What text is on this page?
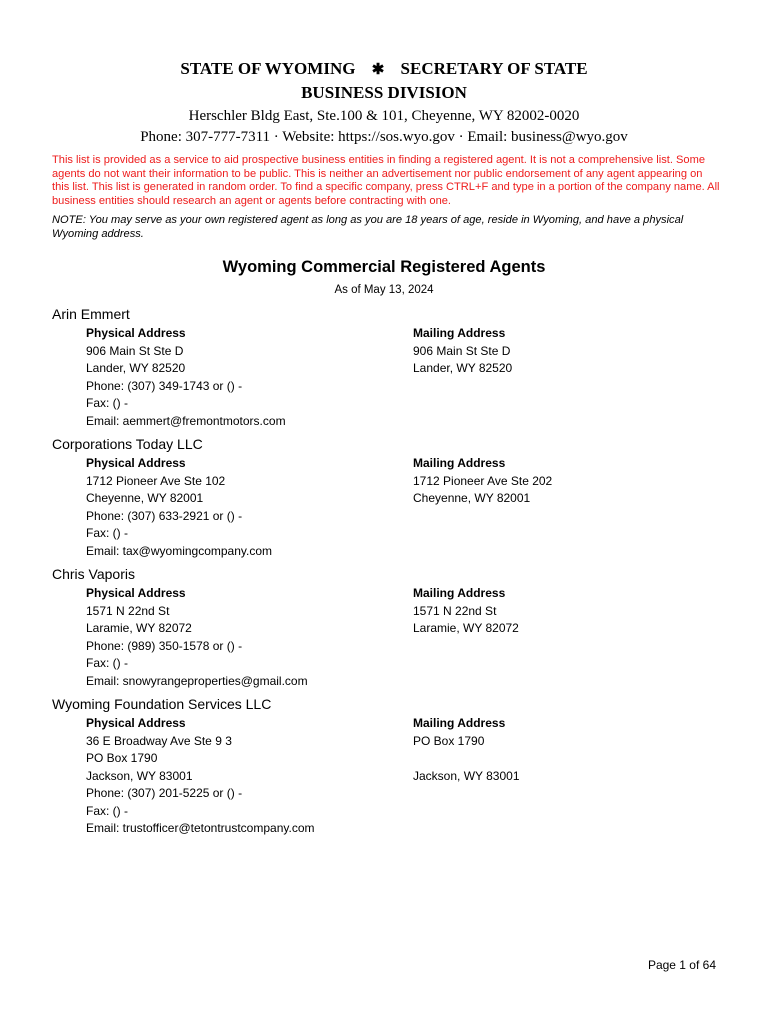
STATE OF WYOMING ✱ SECRETARY OF STATE
BUSINESS DIVISION
Herschler Bldg East, Ste.100 & 101, Cheyenne, WY 82002-0020
Phone: 307-777-7311 · Website: https://sos.wyo.gov · Email: business@wyo.gov
This list is provided as a service to aid prospective business entities in finding a registered agent. It is not a comprehensive list. Some agents do not want their information to be public. This is neither an advertisement nor public endorsement of any agent appearing on this list. This list is generated in random order. To find a specific company, press CTRL+F and type in a portion of the company name. All business entities should research an agent or agents before contracting with one.
NOTE: You may serve as your own registered agent as long as you are 18 years of age, reside in Wyoming, and have a physical Wyoming address.
Wyoming Commercial Registered Agents
As of May 13, 2024
Arin Emmert
Physical Address
906 Main St Ste D
Lander, WY 82520
Phone: (307) 349-1743 or () -
Fax: () -
Email: aemmert@fremontmotors.com
Mailing Address
906 Main St Ste D
Lander, WY 82520
Corporations Today LLC
Physical Address
1712 Pioneer Ave Ste 102
Cheyenne, WY 82001
Phone: (307) 633-2921 or () -
Fax: () -
Email: tax@wyomingcompany.com
Mailing Address
1712 Pioneer Ave Ste 202
Cheyenne, WY 82001
Chris Vaporis
Physical Address
1571 N 22nd St
Laramie, WY 82072
Phone: (989) 350-1578 or () -
Fax: () -
Email: snowyrangeproperties@gmail.com
Mailing Address
1571 N 22nd St
Laramie, WY 82072
Wyoming Foundation Services LLC
Physical Address
36 E Broadway Ave Ste 9 3
PO Box 1790
Jackson, WY 83001
Phone: (307) 201-5225 or () -
Fax: () -
Email: trustofficer@tetontrustcompany.com
Mailing Address
PO Box 1790
Jackson, WY 83001
Page 1 of 64
